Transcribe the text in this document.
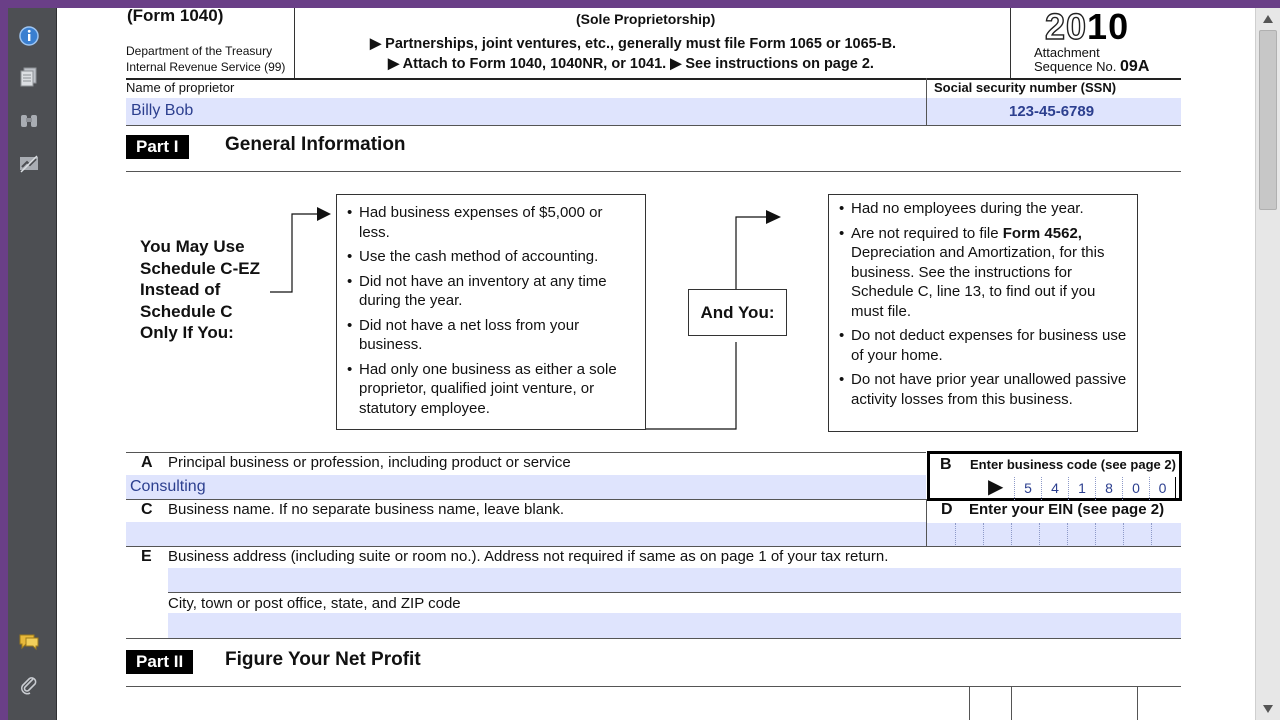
(Form 1040)
Department of the Treasury
Internal Revenue Service (99)
(Sole Proprietorship)
▶ Partnerships, joint ventures, etc., generally must file Form 1065 or 1065-B.
▶ Attach to Form 1040, 1040NR, or 1041. ▶ See instructions on page 2.
2010
Attachment
Sequence No. 09A
Name of proprietor
Billy Bob
Social security number (SSN)
123-45-6789
Part I	General Information
You May Use
Schedule C-EZ
Instead of
Schedule C
Only If You:
• Had business expenses of $5,000 or less.
• Use the cash method of accounting.
• Did not have an inventory at any time during the year.
• Did not have a net loss from your business.
• Had only one business as either a sole proprietor, qualified joint venture, or statutory employee.
And You:
• Had no employees during the year.
• Are not required to file Form 4562, Depreciation and Amortization, for this business. See the instructions for Schedule C, line 13, to find out if you must file.
• Do not deduct expenses for business use of your home.
• Do not have prior year unallowed passive activity losses from this business.
A Principal business or profession, including product or service
Consulting
B Enter business code (see page 2)
▶	5	4	1	8	0	0
C Business name. If no separate business name, leave blank.	D Enter your EIN (see page 2)
E Business address (including suite or room no.). Address not required if same as on page 1 of your tax return.
City, town or post office, state, and ZIP code
Part II	Figure Your Net Profit
